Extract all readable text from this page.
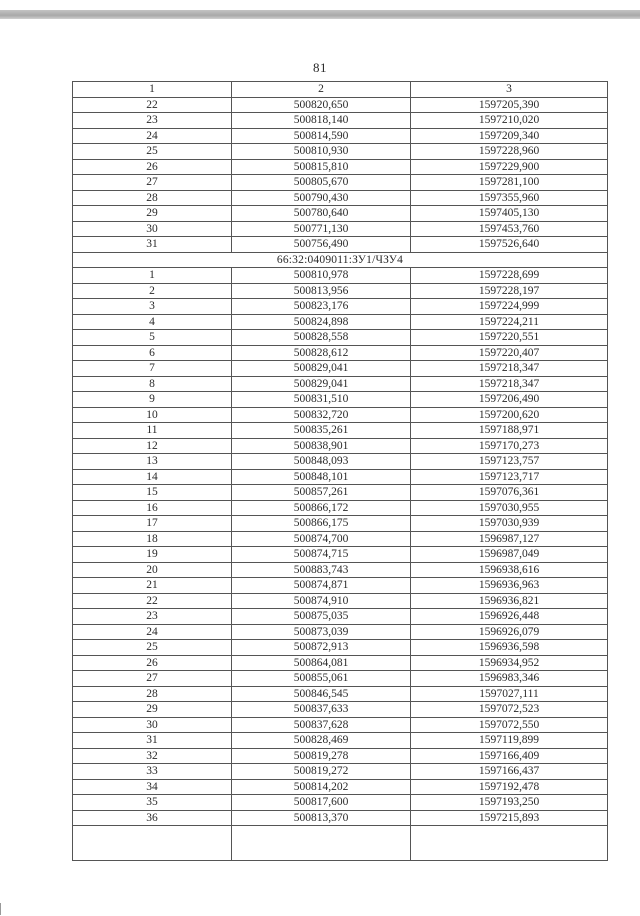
81
1	2	3
22	500820,650	1597205,390
23	500818,140	1597210,020
24	500814,590	1597209,340
25	500810,930	1597228,960
26	500815,810	1597229,900
27	500805,670	1597281,100
28	500790,430	1597355,960
29	500780,640	1597405,130
30	500771,130	1597453,760
31	500756,490	1597526,640
66:32:0409011:ЗУ1/ЧЗУ4		
1	500810,978	1597228,699
2	500813,956	1597228,197
3	500823,176	1597224,999
4	500824,898	1597224,211
5	500828,558	1597220,551
6	500828,612	1597220,407
7	500829,041	1597218,347
8	500829,041	1597218,347
9	500831,510	1597206,490
10	500832,720	1597200,620
11	500835,261	1597188,971
12	500838,901	1597170,273
13	500848,093	1597123,757
14	500848,101	1597123,717
15	500857,261	1597076,361
16	500866,172	1597030,955
17	500866,175	1597030,939
18	500874,700	1596987,127
19	500874,715	1596987,049
20	500883,743	1596938,616
21	500874,871	1596936,963
22	500874,910	1596936,821
23	500875,035	1596926,448
24	500873,039	1596926,079
25	500872,913	1596936,598
26	500864,081	1596934,952
27	500855,061	1596983,346
28	500846,545	1597027,111
29	500837,633	1597072,523
30	500837,628	1597072,550
31	500828,469	1597119,899
32	500819,278	1597166,409
33	500819,272	1597166,437
34	500814,202	1597192,478
35	500817,600	1597193,250
36	500813,370	1597215,893
